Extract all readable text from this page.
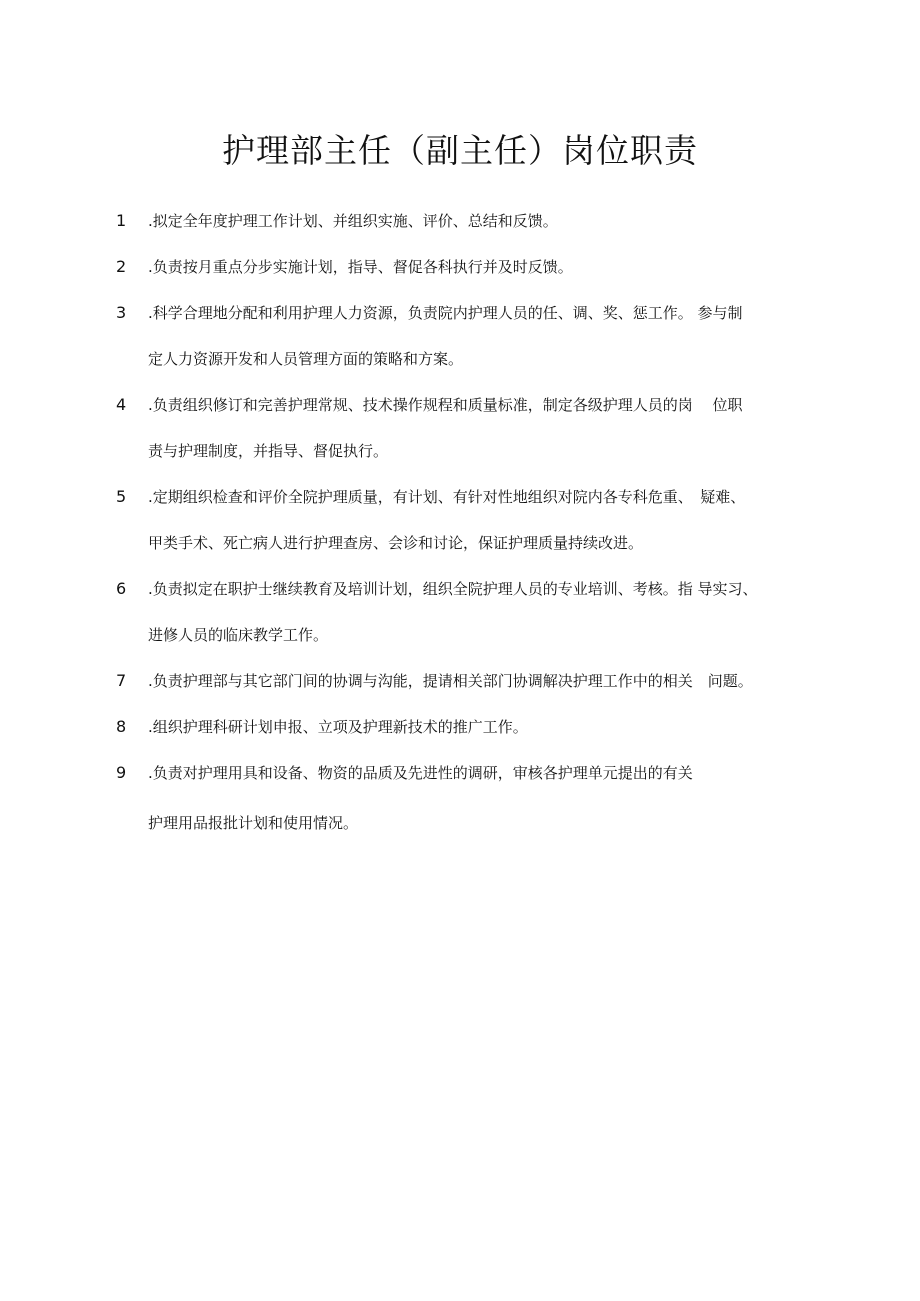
护理部主任（副主任）岗位职责
1 .拟定全年度护理工作计划、并组织实施、评价、总结和反馈。
2 .负责按月重点分步实施计划，指导、督促各科执行并及时反馈。
3 .科学合理地分配和利用护理人力资源，负责院内护理人员的任、调、奖、惩工作。 参与制
定人力资源开发和人员管理方面的策略和方案。
4 .负责组织修订和完善护理常规、技术操作规程和质量标准，制定各级护理人员的岗　 位职
责与护理制度，并指导、督促执行。
5 .定期组织检查和评价全院护理质量，有计划、有针对性地组织对院内各专科危重、　疑难、
甲类手术、死亡病人进行护理查房、会诊和讨论，保证护理质量持续改进。
6 .负责拟定在职护士继续教育及培训计划，组织全院护理人员的专业培训、考核。指 导实习、
进修人员的临床教学工作。
7 .负责护理部与其它部门间的协调与沟能，提请相关部门协调解决护理工作中的相关　问题。
8 .组织护理科研计划申报、立项及护理新技术的推广工作。
9 .负责对护理用具和设备、物资的品质及先进性的调研，审核各护理单元提出的有关
护理用品报批计划和使用情况。
